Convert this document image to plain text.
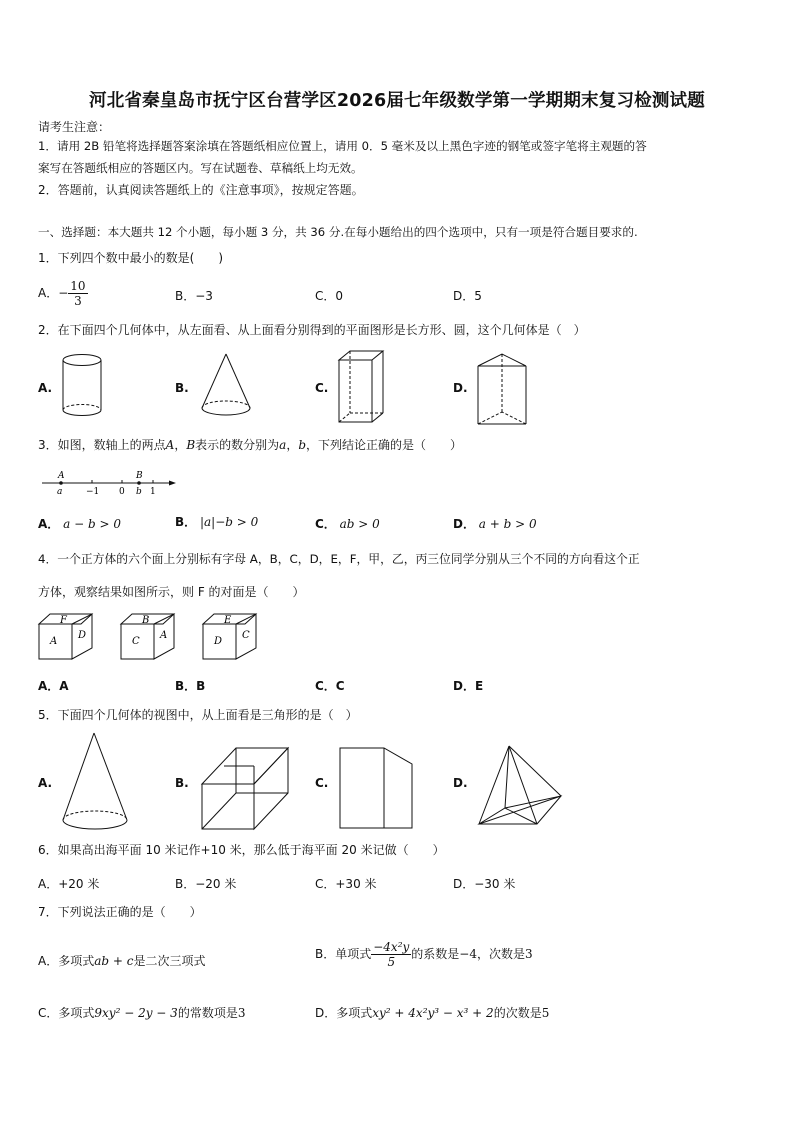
河北省秦皇岛市抚宁区台营学区2026届七年级数学第一学期期末复习检测试题
请考生注意：
1．请用 2B 铅笔将选择题答案涂填在答题纸相应位置上，请用 0．5 毫米及以上黑色字迹的钢笔或签字笔将主观题的答
案写在答题纸相应的答题区内。写在试题卷、草稿纸上均无效。
2．答题前，认真阅读答题纸上的《注意事项》，按规定答题。
一、选择题：本大题共 12 个小题，每小题 3 分，共 36 分.在每小题给出的四个选项中，只有一项是符合题目要求的.
1．下列四个数中最小的数是(　　)
A．− $\frac{10}{3}$	B．−3	C．0	D．5
2．在下面四个几何体中，从左面看、从上面看分别得到的平面图形是长方形、圆，这个几何体是（　）
A.	B.	C.	D.
3．如图，数轴上的两点A，B表示的数分别为a，b，下列结论正确的是（　　）
A	B
a	−1 0 b 1
A． a − b > 0	B． |a|−b > 0	C． ab > 0	D． a + b > 0
4．一个正方体的六个面上分别标有字母 A，B，C，D，E，F，甲，乙，丙三位同学分别从三个不同的方向看这个正
方体，观察结果如图所示，则 F 的对面是（　　）
F
A
D
B
C
A
E
D
C
A．A	B．B	C．C	D．E
5．下面四个几何体的视图中，从上面看是三角形的是（　）
A.	B.	C.	D.
6．如果高出海平面 10 米记作+10 米，那么低于海平面 20 米记做（　　）
A．+20 米	B．−20 米	C．+30 米	D．−30 米
7．下列说法正确的是（　　）
A．多项式ab + c是二次三项式	B．单项式 $\frac{\text{−4x²y}}{5}$ 的系数是−4，次数是3
C．多项式9xy² − 2y − 3的常数项是3	D．多项式xy² + 4x²y³ − x³ + 2的次数是5
